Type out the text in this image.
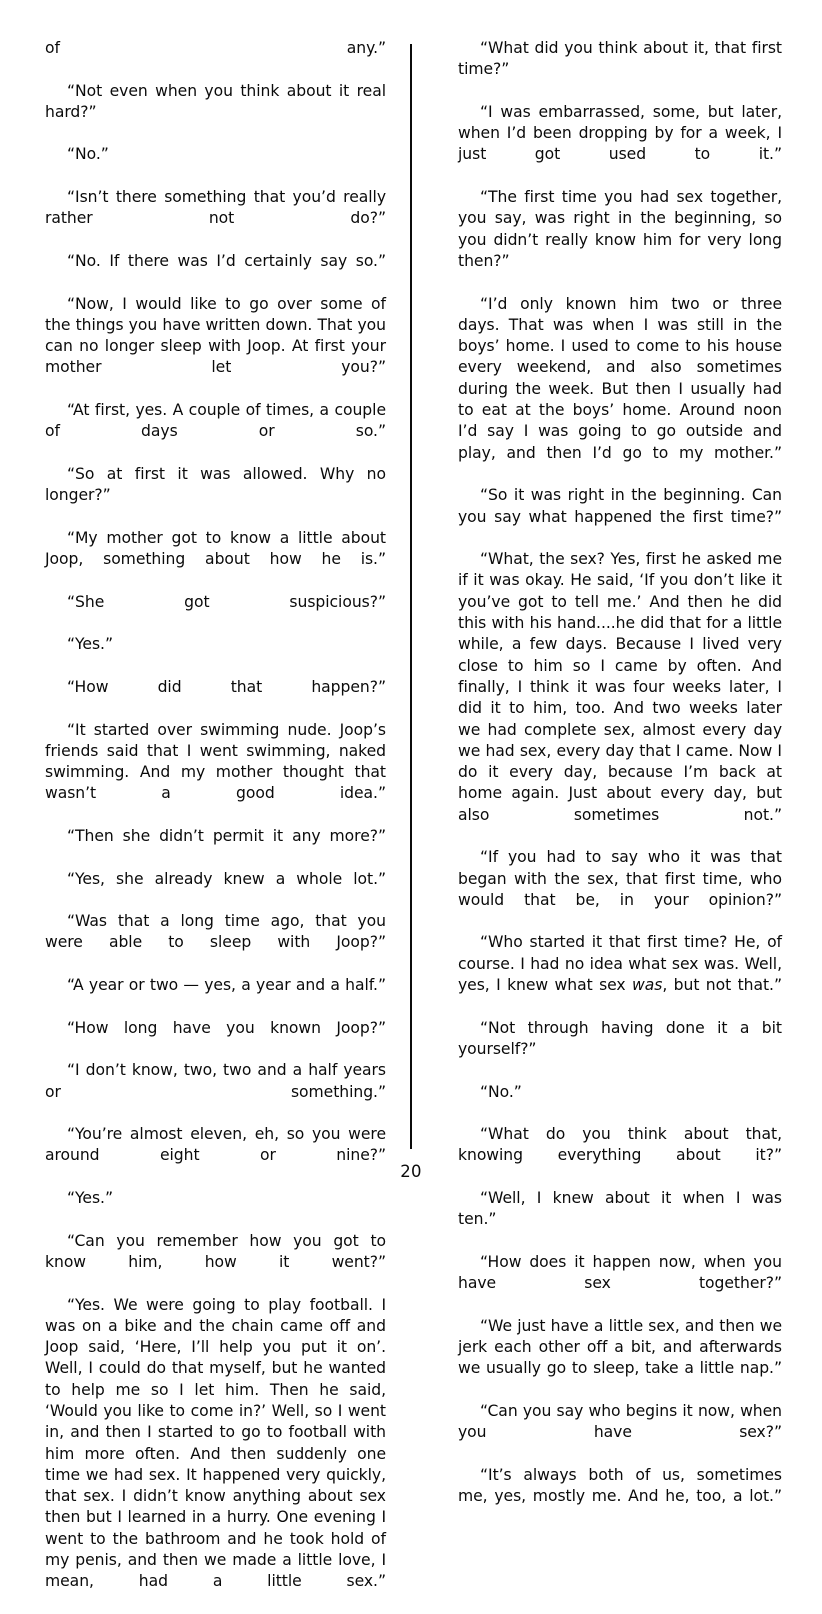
of any.”

“Not even when you think about it real hard?”

“No.”

“Isn’t there something that you’d really rather not do?”

“No. If there was I’d certainly say so.”

“Now, I would like to go over some of the things you have written down. That you can no longer sleep with Joop. At first your mother let you?”

“At first, yes. A couple of times, a couple of days or so.”

“So at first it was allowed. Why no longer?”

“My mother got to know a little about Joop, something about how he is.”

“She got suspicious?”

“Yes.”

“How did that happen?”

“It started over swimming nude. Joop’s friends said that I went swimming, naked swimming. And my mother thought that wasn’t a good idea.”

“Then she didn’t permit it any more?”

“Yes, she already knew a whole lot.”

“Was that a long time ago, that you were able to sleep with Joop?”

“A year or two — yes, a year and a half.”

“How long have you known Joop?”

“I don’t know, two, two and a half years or something.”

“You’re almost eleven, eh, so you were around eight or nine?”

“Yes.”

“Can you remember how you got to know him, how it went?”

“Yes. We were going to play football. I was on a bike and the chain came off and Joop said, ‘Here, I’ll help you put it on’. Well, I could do that myself, but he wanted to help me so I let him. Then he said, ‘Would you like to come in?’ Well, so I went in, and then I started to go to football with him more often. And then suddenly one time we had sex. It happened very quickly, that sex. I didn’t know anything about sex then but I learned in a hurry. One evening I went to the bathroom and he took hold of my penis, and then we made a little love, I mean, had a little sex.”

“What did you think about it, that first time?”

“I was embarrassed, some, but later, when I’d been dropping by for a week, I just got used to it.”

“The first time you had sex together, you say, was right in the beginning, so you didn’t really know him for very long then?”

“I’d only known him two or three days. That was when I was still in the boys’ home. I used to come to his house every weekend, and also sometimes during the week. But then I usually had to eat at the boys’ home. Around noon I’d say I was going to go outside and play, and then I’d go to my mother.”

“So it was right in the beginning. Can you say what happened the first time?”

“What, the sex? Yes, first he asked me if it was okay. He said, ‘If you don’t like it you’ve got to tell me.’ And then he did this with his hand....he did that for a little while, a few days. Because I lived very close to him so I came by often. And finally, I think it was four weeks later, I did it to him, too. And two weeks later we had complete sex, almost every day we had sex, every day that I came. Now I do it every day, because I’m back at home again. Just about every day, but also sometimes not.”

“If you had to say who it was that began with the sex, that first time, who would that be, in your opinion?”

“Who started it that first time? He, of course. I had no idea what sex was. Well, yes, I knew what sex was, but not that.”

“Not through having done it a bit yourself?”

“No.”

“What do you think about that, knowing everything about it?”

“Well, I knew about it when I was ten.”

“How does it happen now, when you have sex together?”

“We just have a little sex, and then we jerk each other off a bit, and afterwards we usually go to sleep, take a little nap.”

“Can you say who begins it now, when you have sex?”

“It’s always both of us, sometimes me, yes, mostly me. And he, too, a lot.”

20
